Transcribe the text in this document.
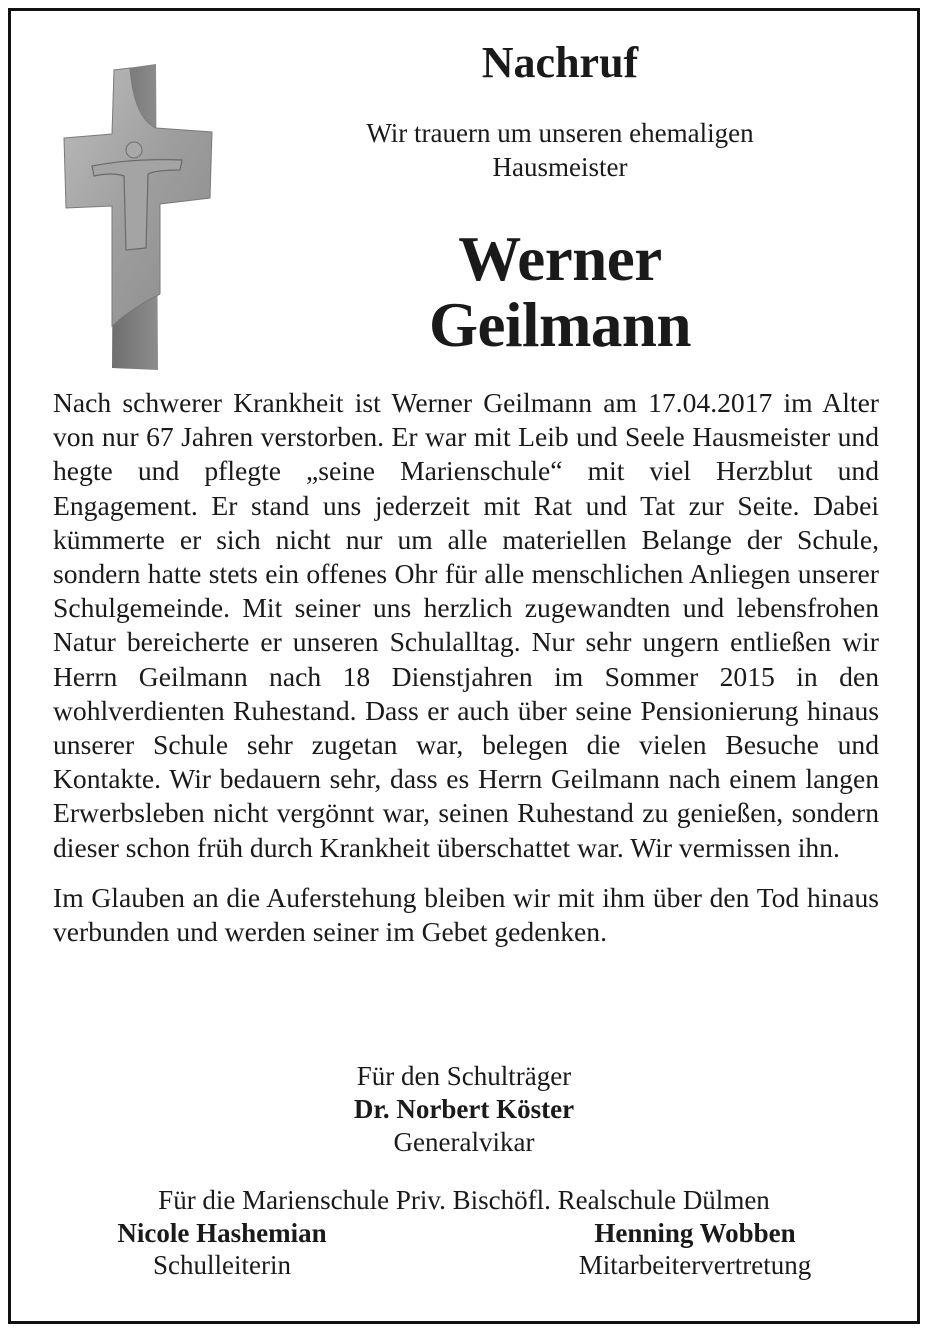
Nachruf
Wir trauern um unseren ehemaligen
Hausmeister
Werner
Geilmann

Nach schwerer Krankheit ist Werner Geilmann am 17.04.2017 im Alter von nur 67 Jahren verstorben. Er war mit Leib und Seele Hausmeister und hegte und pflegte „seine Marienschule“ mit viel Herzblut und Engagement. Er stand uns jederzeit mit Rat und Tat zur Seite. Dabei kümmerte er sich nicht nur um alle materiellen Belange der Schule, sondern hatte stets ein offenes Ohr für alle menschlichen Anliegen unserer Schulgemeinde. Mit seiner uns herzlich zugewandten und lebensfrohen Natur bereicherte er unseren Schulalltag. Nur sehr ungern entließen wir Herrn Geilmann nach 18 Dienstjahren im Sommer 2015 in den wohlverdienten Ruhestand. Dass er auch über seine Pensionierung hinaus unserer Schule sehr zugetan war, belegen die vielen Besuche und Kontakte. Wir bedauern sehr, dass es Herrn Geilmann nach einem langen Erwerbsleben nicht vergönnt war, seinen Ruhestand zu genießen, sondern dieser schon früh durch Krankheit überschattet war. Wir vermissen ihn.

Im Glauben an die Auferstehung bleiben wir mit ihm über den Tod hinaus verbunden und werden seiner im Gebet gedenken.

Für den Schulträger
Dr. Norbert Köster
Generalvikar
Für die Marienschule Priv. Bischöfl. Realschule Dülmen
Nicole Hashemian
Schulleiterin
Henning Wobben
Mitarbeitervertretung
